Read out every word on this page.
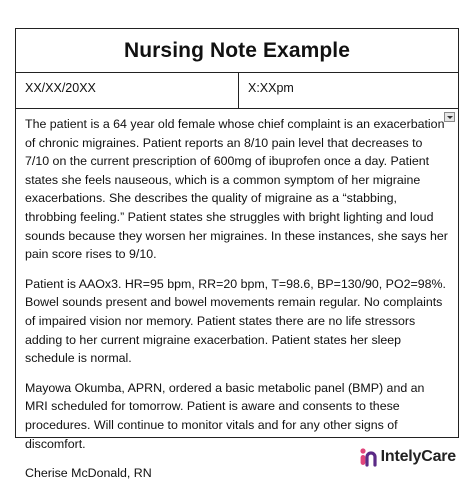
Nursing Note Example
XX/XX/20XX	X:XXpm

The patient is a 64 year old female whose chief complaint is an exacerbation of chronic migraines. Patient reports an 8/10 pain level that decreases to 7/10 on the current prescription of 600mg of ibuprofen once a day. Patient states she feels nauseous, which is a common symptom of her migraine exacerbations. She describes the quality of migraine as a “stabbing, throbbing feeling.” Patient states she struggles with bright lighting and loud sounds because they worsen her migraines. In these instances, she says her pain score rises to 9/10.

Patient is AAOx3. HR=95 bpm, RR=20 bpm, T=98.6, BP=130/90, PO2=98%. Bowel sounds present and bowel movements remain regular. No complaints of impaired vision nor memory. Patient states there are no life stressors adding to her current migraine exacerbation. Patient states her sleep schedule is normal.

Mayowa Okumba, APRN, ordered a basic metabolic panel (BMP) and an MRI scheduled for tomorrow. Patient is aware and consents to these procedures. Will continue to monitor vitals and for any other signs of discomfort.

Cherise McDonald, RN

IntelyCare
